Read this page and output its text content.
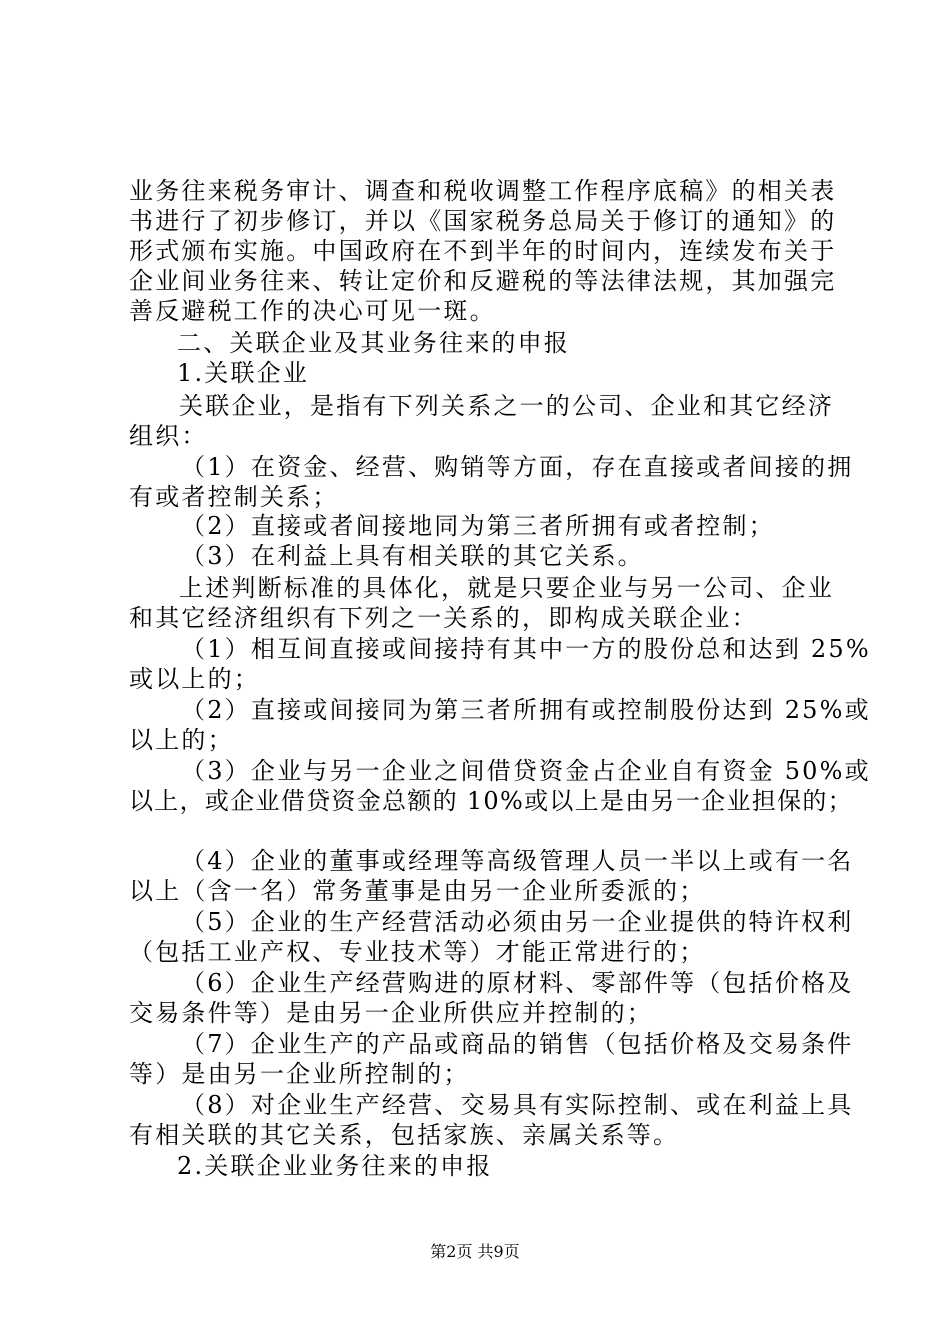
业务往来税务审计、调查和税收调整工作程序底稿》的相关表
书进行了初步修订，并以《国家税务总局关于修订的通知》的
形式颁布实施。中国政府在不到半年的时间内，连续发布关于
企业间业务往来、转让定价和反避税的等法律法规，其加强完
善反避税工作的决心可见一斑。
二、关联企业及其业务往来的申报
1.关联企业
关联企业，是指有下列关系之一的公司、企业和其它经济
组织：
（1）在资金、经营、购销等方面，存在直接或者间接的拥
有或者控制关系；
（2）直接或者间接地同为第三者所拥有或者控制；
（3）在利益上具有相关联的其它关系。
上述判断标准的具体化，就是只要企业与另一公司、企业
和其它经济组织有下列之一关系的，即构成关联企业：
（1）相互间直接或间接持有其中一方的股份总和达到 25%
或以上的；
（2）直接或间接同为第三者所拥有或控制股份达到 25%或
以上的；
（3）企业与另一企业之间借贷资金占企业自有资金 50%或
以上，或企业借贷资金总额的 10%或以上是由另一企业担保的；
（4）企业的董事或经理等高级管理人员一半以上或有一名
以上（含一名）常务董事是由另一企业所委派的；
（5）企业的生产经营活动必须由另一企业提供的特许权利
（包括工业产权、专业技术等）才能正常进行的；
（6）企业生产经营购进的原材料、零部件等（包括价格及
交易条件等）是由另一企业所供应并控制的；
（7）企业生产的产品或商品的销售（包括价格及交易条件
等）是由另一企业所控制的；
（8）对企业生产经营、交易具有实际控制、或在利益上具
有相关联的其它关系，包括家族、亲属关系等。
2.关联企业业务往来的申报
第2页 共9页
